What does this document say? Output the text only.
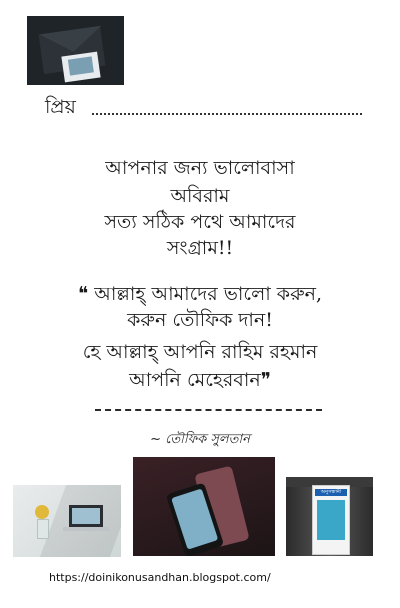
প্রিয়
আপনার জন্য ভালোবাসা
অবিরাম
সত্য সঠিক পথে আমাদের
সংগ্রাম!!
❝ আল্লাহ্ আমাদের ভালো করুন,
করুন তৌফিক দান!
হে আল্লাহ্ আপনি রাহিম রহমান
আপনি মেহেরবান❞
~ তৌফিক সুলতান
অনুসন্ধানী
https://doinikonusandhan.blogspot.com/
